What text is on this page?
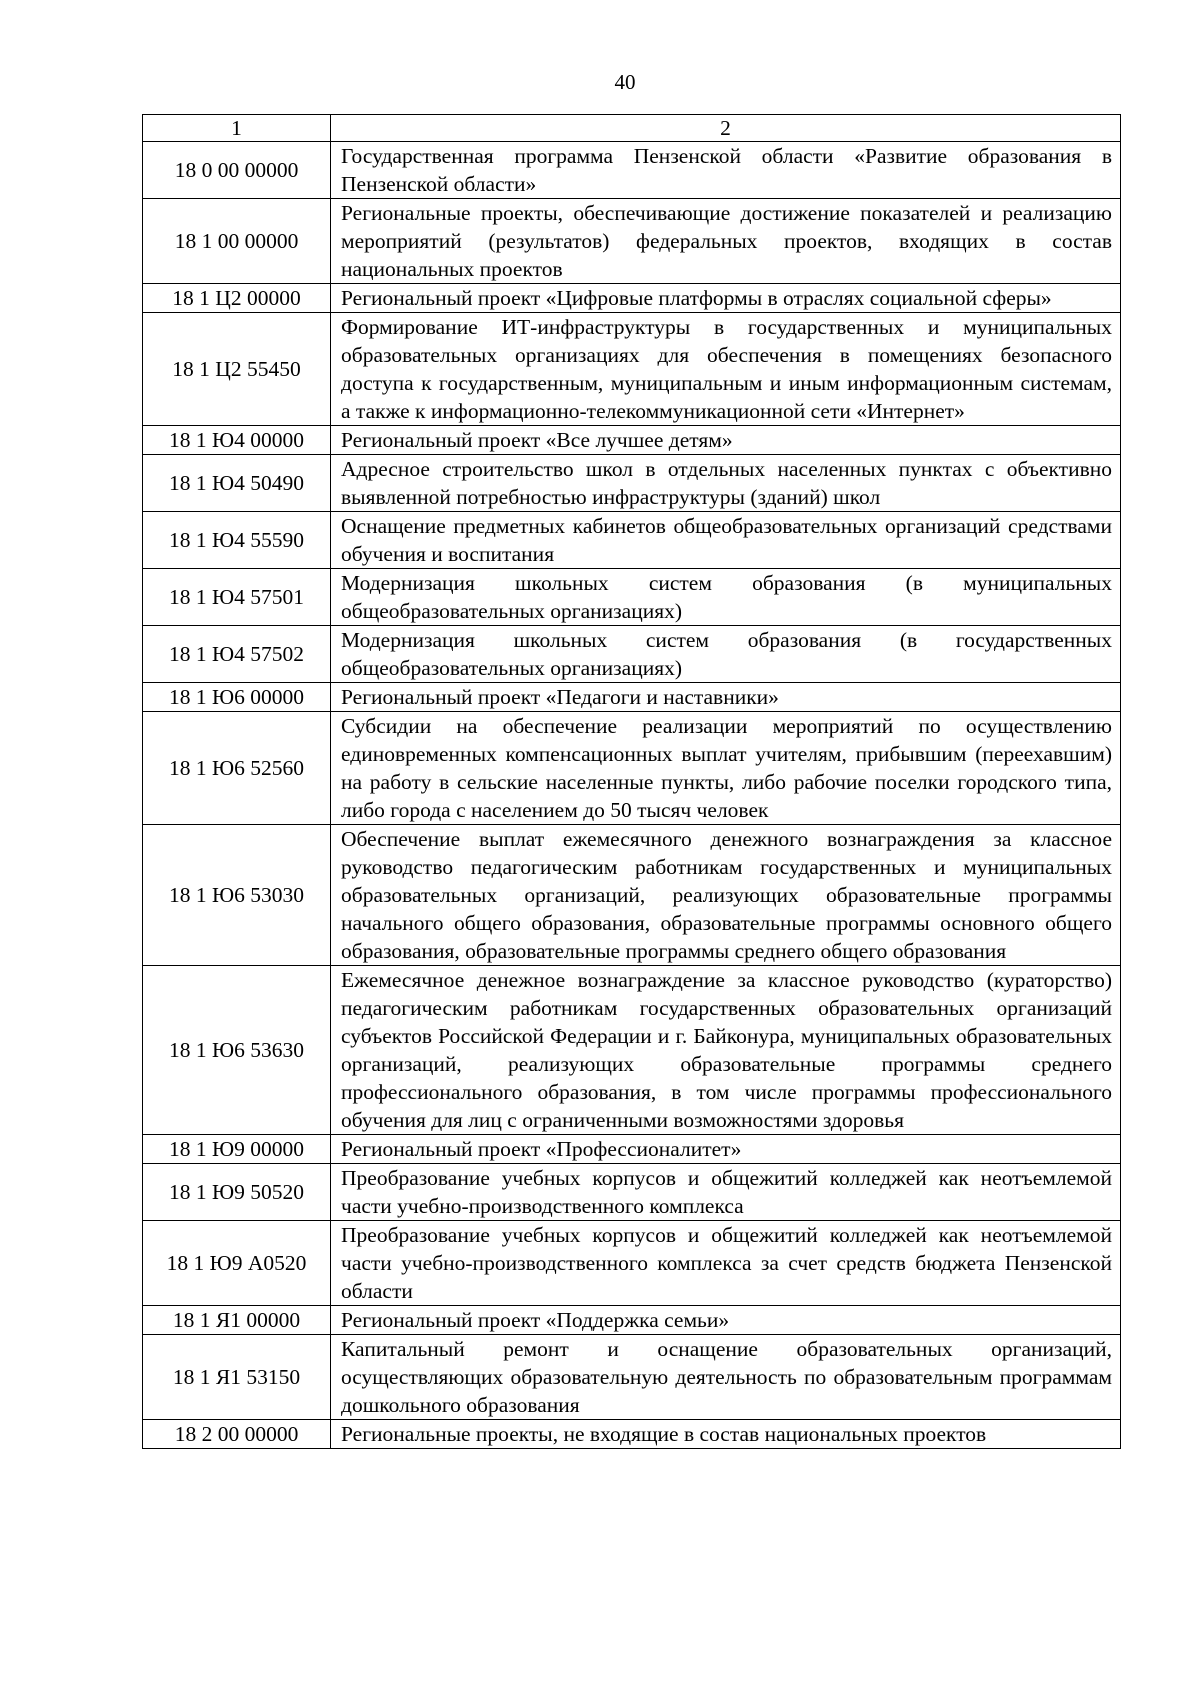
40
1	2
18 0 00 00000	Государственная программа Пензенской области «Развитие образования в Пензенской области»
18 1 00 00000	Региональные проекты, обеспечивающие достижение показателей и реализацию мероприятий (результатов) федеральных проектов, входящих в состав национальных проектов
18 1 Ц2 00000	Региональный проект «Цифровые платформы в отраслях социальной сферы»
18 1 Ц2 55450	Формирование ИТ-инфраструктуры в государственных и муниципальных образовательных организациях для обеспечения в помещениях безопасного доступа к государственным, муниципальным и иным информационным системам, а также к информационно-телекоммуникационной сети «Интернет»
18 1 Ю4 00000	Региональный проект «Все лучшее детям»
18 1 Ю4 50490	Адресное строительство школ в отдельных населенных пунктах с объективно выявленной потребностью инфраструктуры (зданий) школ
18 1 Ю4 55590	Оснащение предметных кабинетов общеобразовательных организаций средствами обучения и воспитания
18 1 Ю4 57501	Модернизация школьных систем образования (в муниципальных общеобразовательных организациях)
18 1 Ю4 57502	Модернизация школьных систем образования (в государственных общеобразовательных организациях)
18 1 Ю6 00000	Региональный проект «Педагоги и наставники»
18 1 Ю6 52560	Субсидии на обеспечение реализации мероприятий по осуществлению единовременных компенсационных выплат учителям, прибывшим (переехавшим) на работу в сельские населенные пункты, либо рабочие поселки городского типа, либо города с населением до 50 тысяч человек
18 1 Ю6 53030	Обеспечение выплат ежемесячного денежного вознаграждения за классное руководство педагогическим работникам государственных и муниципальных образовательных организаций, реализующих образовательные программы начального общего образования, образовательные программы основного общего образования, образовательные программы среднего общего образования
18 1 Ю6 53630	Ежемесячное денежное вознаграждение за классное руководство (кураторство) педагогическим работникам государственных образовательных организаций субъектов Российской Федерации и г. Байконура, муниципальных образовательных организаций, реализующих образовательные программы среднего профессионального образования, в том числе программы профессионального обучения для лиц с ограниченными возможностями здоровья
18 1 Ю9 00000	Региональный проект «Профессионалитет»
18 1 Ю9 50520	Преобразование учебных корпусов и общежитий колледжей как неотъемлемой части учебно-производственного комплекса
18 1 Ю9 А0520	Преобразование учебных корпусов и общежитий колледжей как неотъемлемой части учебно-производственного комплекса за счет средств бюджета Пензенской области
18 1 Я1 00000	Региональный проект «Поддержка семьи»
18 1 Я1 53150	Капитальный ремонт и оснащение образовательных организаций, осуществляющих образовательную деятельность по образовательным программам дошкольного образования
18 2 00 00000	Региональные проекты, не входящие в состав национальных проектов
